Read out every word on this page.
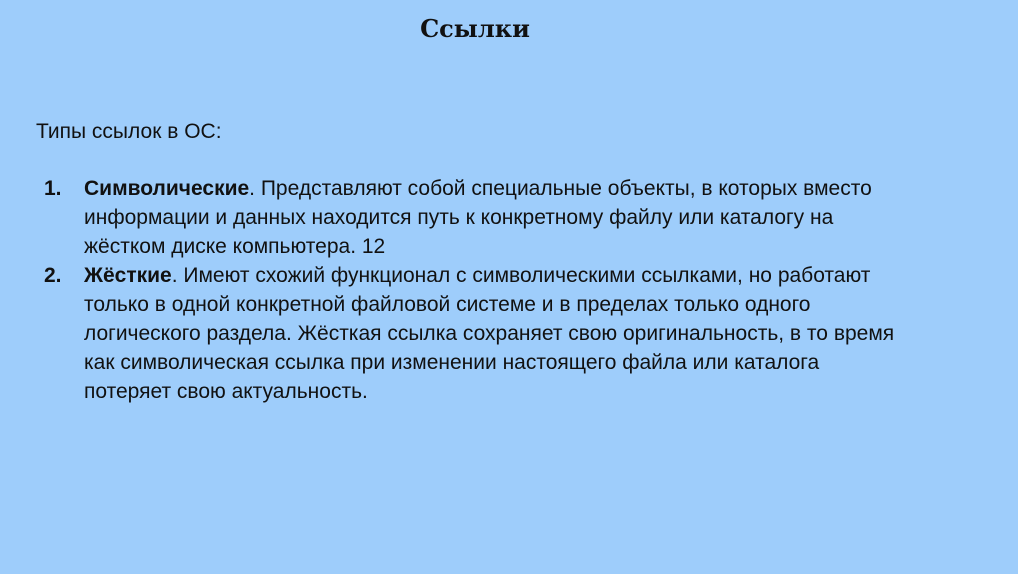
Ссылки

Типы ссылок в ОС:

1. Символические. Представляют собой специальные объекты, в которых вместо информации и данных находится путь к конкретному файлу или каталогу на жёстком диске компьютера. 12
2. Жёсткие. Имеют схожий функционал с символическими ссылками, но работают только в одной конкретной файловой системе и в пределах только одного логического раздела. Жёсткая ссылка сохраняет свою оригинальность, в то время как символическая ссылка при изменении настоящего файла или каталога потеряет свою актуальность.
